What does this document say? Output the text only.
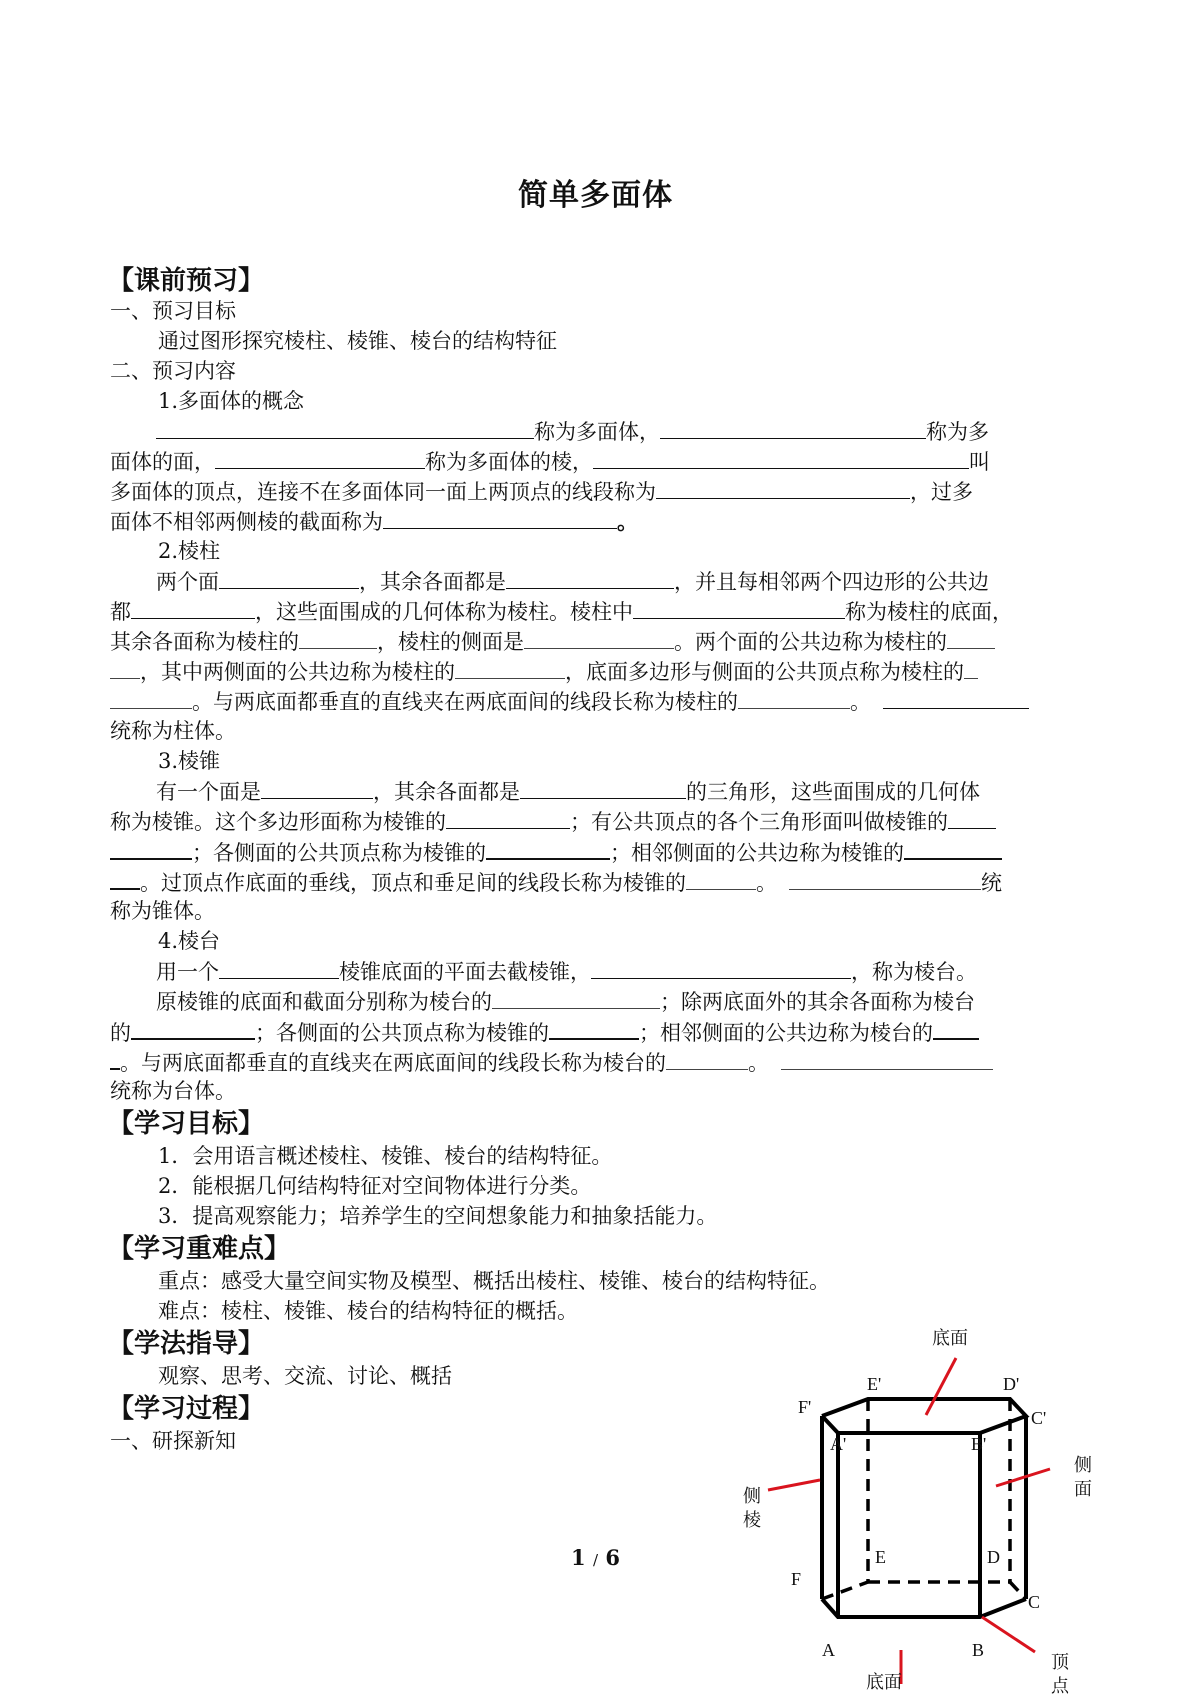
简单多面体
【课前预习】
一、预习目标
通过图形探究棱柱、棱锥、棱台的结构特征
二、预习内容
1.多面体的概念
称为多面体，	称为多
面体的面，	称为多面体的棱，	叫
多面体的顶点，连接不在多面体同一面上两顶点的线段称为	，过多
面体不相邻两侧棱的截面称为	。
2.棱柱
两个面	，其余各面都是	，并且每相邻两个四边形的公共边
都	，这些面围成的几何体称为棱柱。棱柱中	称为棱柱的底面，
其余各面称为棱柱的	，棱柱的侧面是	。两个面的公共边称为棱柱的
，其中两侧面的公共边称为棱柱的	，底面多边形与侧面的公共顶点称为棱柱的
。与两底面都垂直的直线夹在两底面间的线段长称为棱柱的	。
统称为柱体。
3.棱锥
有一个面是	，其余各面都是	的三角形，这些面围成的几何体
称为棱锥。这个多边形面称为棱锥的	；有公共顶点的各个三角形面叫做棱锥的
；各侧面的公共顶点称为棱锥的	；相邻侧面的公共边称为棱锥的
。过顶点作底面的垂线，顶点和垂足间的线段长称为棱锥的	。	统
称为锥体。
4.棱台
用一个	棱锥底面的平面去截棱锥，	，称为棱台。
原棱锥的底面和截面分别称为棱台的	；除两底面外的其余各面称为棱台
的	；各侧面的公共顶点称为棱锥的	；相邻侧面的公共边称为棱台的
。与两底面都垂直的直线夹在两底面间的线段长称为棱台的	。
统称为台体。
【学习目标】
1．会用语言概述棱柱、棱锥、棱台的结构特征。
2．能根据几何结构特征对空间物体进行分类。
3．提高观察能力；培养学生的空间想象能力和抽象括能力。
【学习重难点】
重点：感受大量空间实物及模型、概括出棱柱、棱锥、棱台的结构特征。
难点：棱柱、棱锥、棱台的结构特征的概括。
【学法指导】
观察、思考、交流、讨论、概括
【学习过程】
一、研探新知
E'	D'
F'
C'
A'	B'
E	D
F
C
A	B
底面
底面
侧
面
侧
棱
顶
点
1 / 6
